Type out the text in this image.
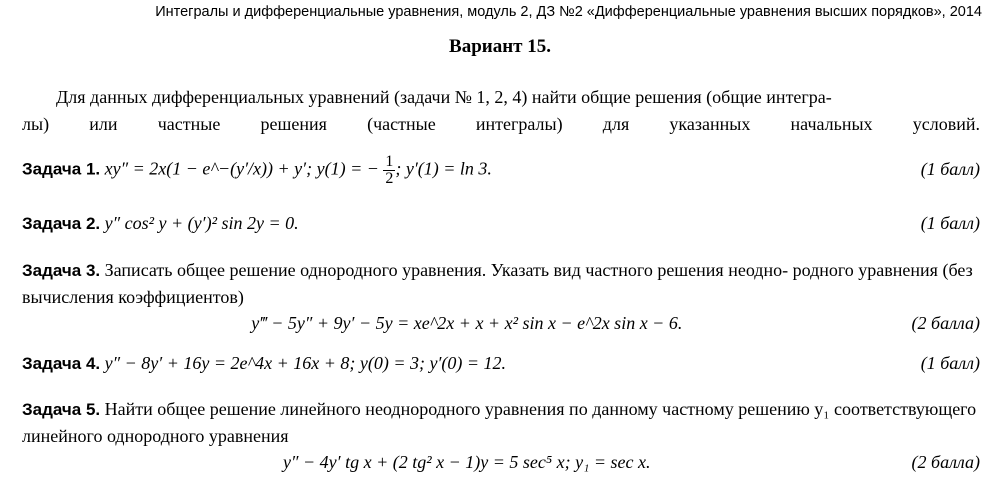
Интегралы и дифференциальные уравнения, модуль 2, ДЗ №2 «Дифференциальные уравнения высших порядков», 2014
Вариант 15.
Для данных дифференциальных уравнений (задачи № 1, 2, 4) найти общие решения (общие интегра-
лы) или частные решения (частные интегралы) для указанных начальных условий.
Задача 1. xy″ = 2x(1 − e^−(y′/x)) + y′; y(1) = − $\frac{1}{2}$ ; y′(1) = ln 3.	(1 балл)
Задача 2. y″ cos² y + (y′)² sin 2y = 0.	(1 балл)
Задача 3. Записать общее решение однородного уравнения. Указать вид частного решения неодно- родного уравнения (без вычисления коэффициентов)
y‴ − 5y″ + 9y′ − 5y = xe^2x + x + x² sin x − e^2x sin x − 6.	(2 балла)
Задача 4. y″ − 8y′ + 16y = 2e^4x + 16x + 8; y(0) = 3; y′(0) = 12.	(1 балл)
Задача 5. Найти общее решение линейного неоднородного уравнения по данному частному решению y₁ соответствующего линейного однородного уравнения
y″ − 4y′ tg x + (2 tg² x − 1)y = 5 sec⁵ x; y₁ = sec x.	(2 балла)
